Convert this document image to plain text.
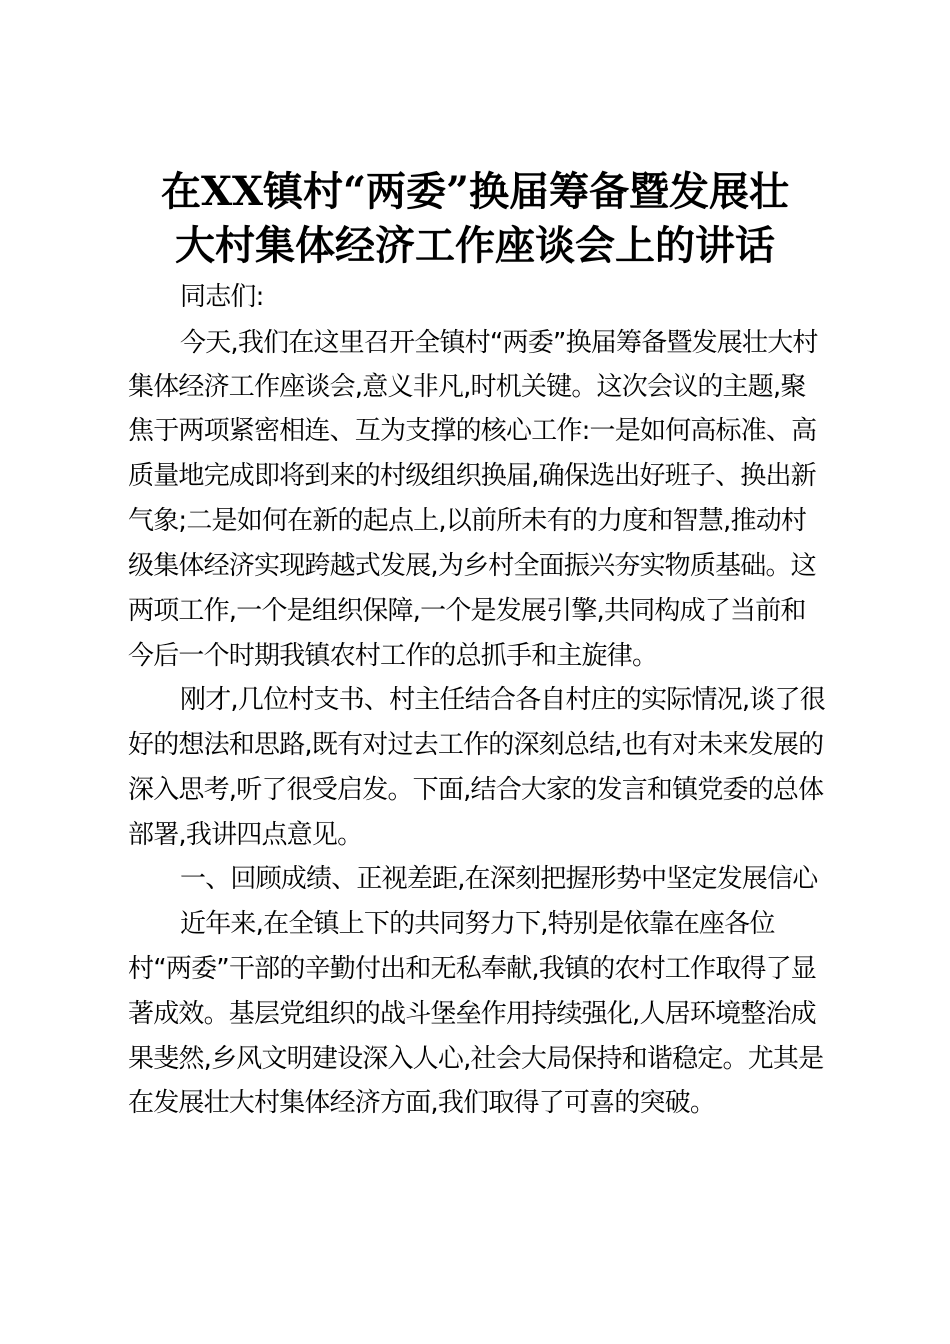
在XX镇村“两委”换届筹备暨发展壮
大村集体经济工作座谈会上的讲话

同志们:

今天,我们在这里召开全镇村“两委”换届筹备暨发展壮大村

集体经济工作座谈会,意义非凡,时机关键。这次会议的主题,聚

焦于两项紧密相连、互为支撑的核心工作:一是如何高标准、高

质量地完成即将到来的村级组织换届,确保选出好班子、换出新

气象;二是如何在新的起点上,以前所未有的力度和智慧,推动村

级集体经济实现跨越式发展,为乡村全面振兴夯实物质基础。这

两项工作,一个是组织保障,一个是发展引擎,共同构成了当前和

今后一个时期我镇农村工作的总抓手和主旋律。

刚才,几位村支书、村主任结合各自村庄的实际情况,谈了很

好的想法和思路,既有对过去工作的深刻总结,也有对未来发展的

深入思考,听了很受启发。下面,结合大家的发言和镇党委的总体

部署,我讲四点意见。

一、回顾成绩、正视差距,在深刻把握形势中坚定发展信心

近年来,在全镇上下的共同努力下,特别是依靠在座各位

村“两委”干部的辛勤付出和无私奉献,我镇的农村工作取得了显

著成效。基层党组织的战斗堡垒作用持续强化,人居环境整治成

果斐然,乡风文明建设深入人心,社会大局保持和谐稳定。尤其是

在发展壮大村集体经济方面,我们取得了可喜的突破。
